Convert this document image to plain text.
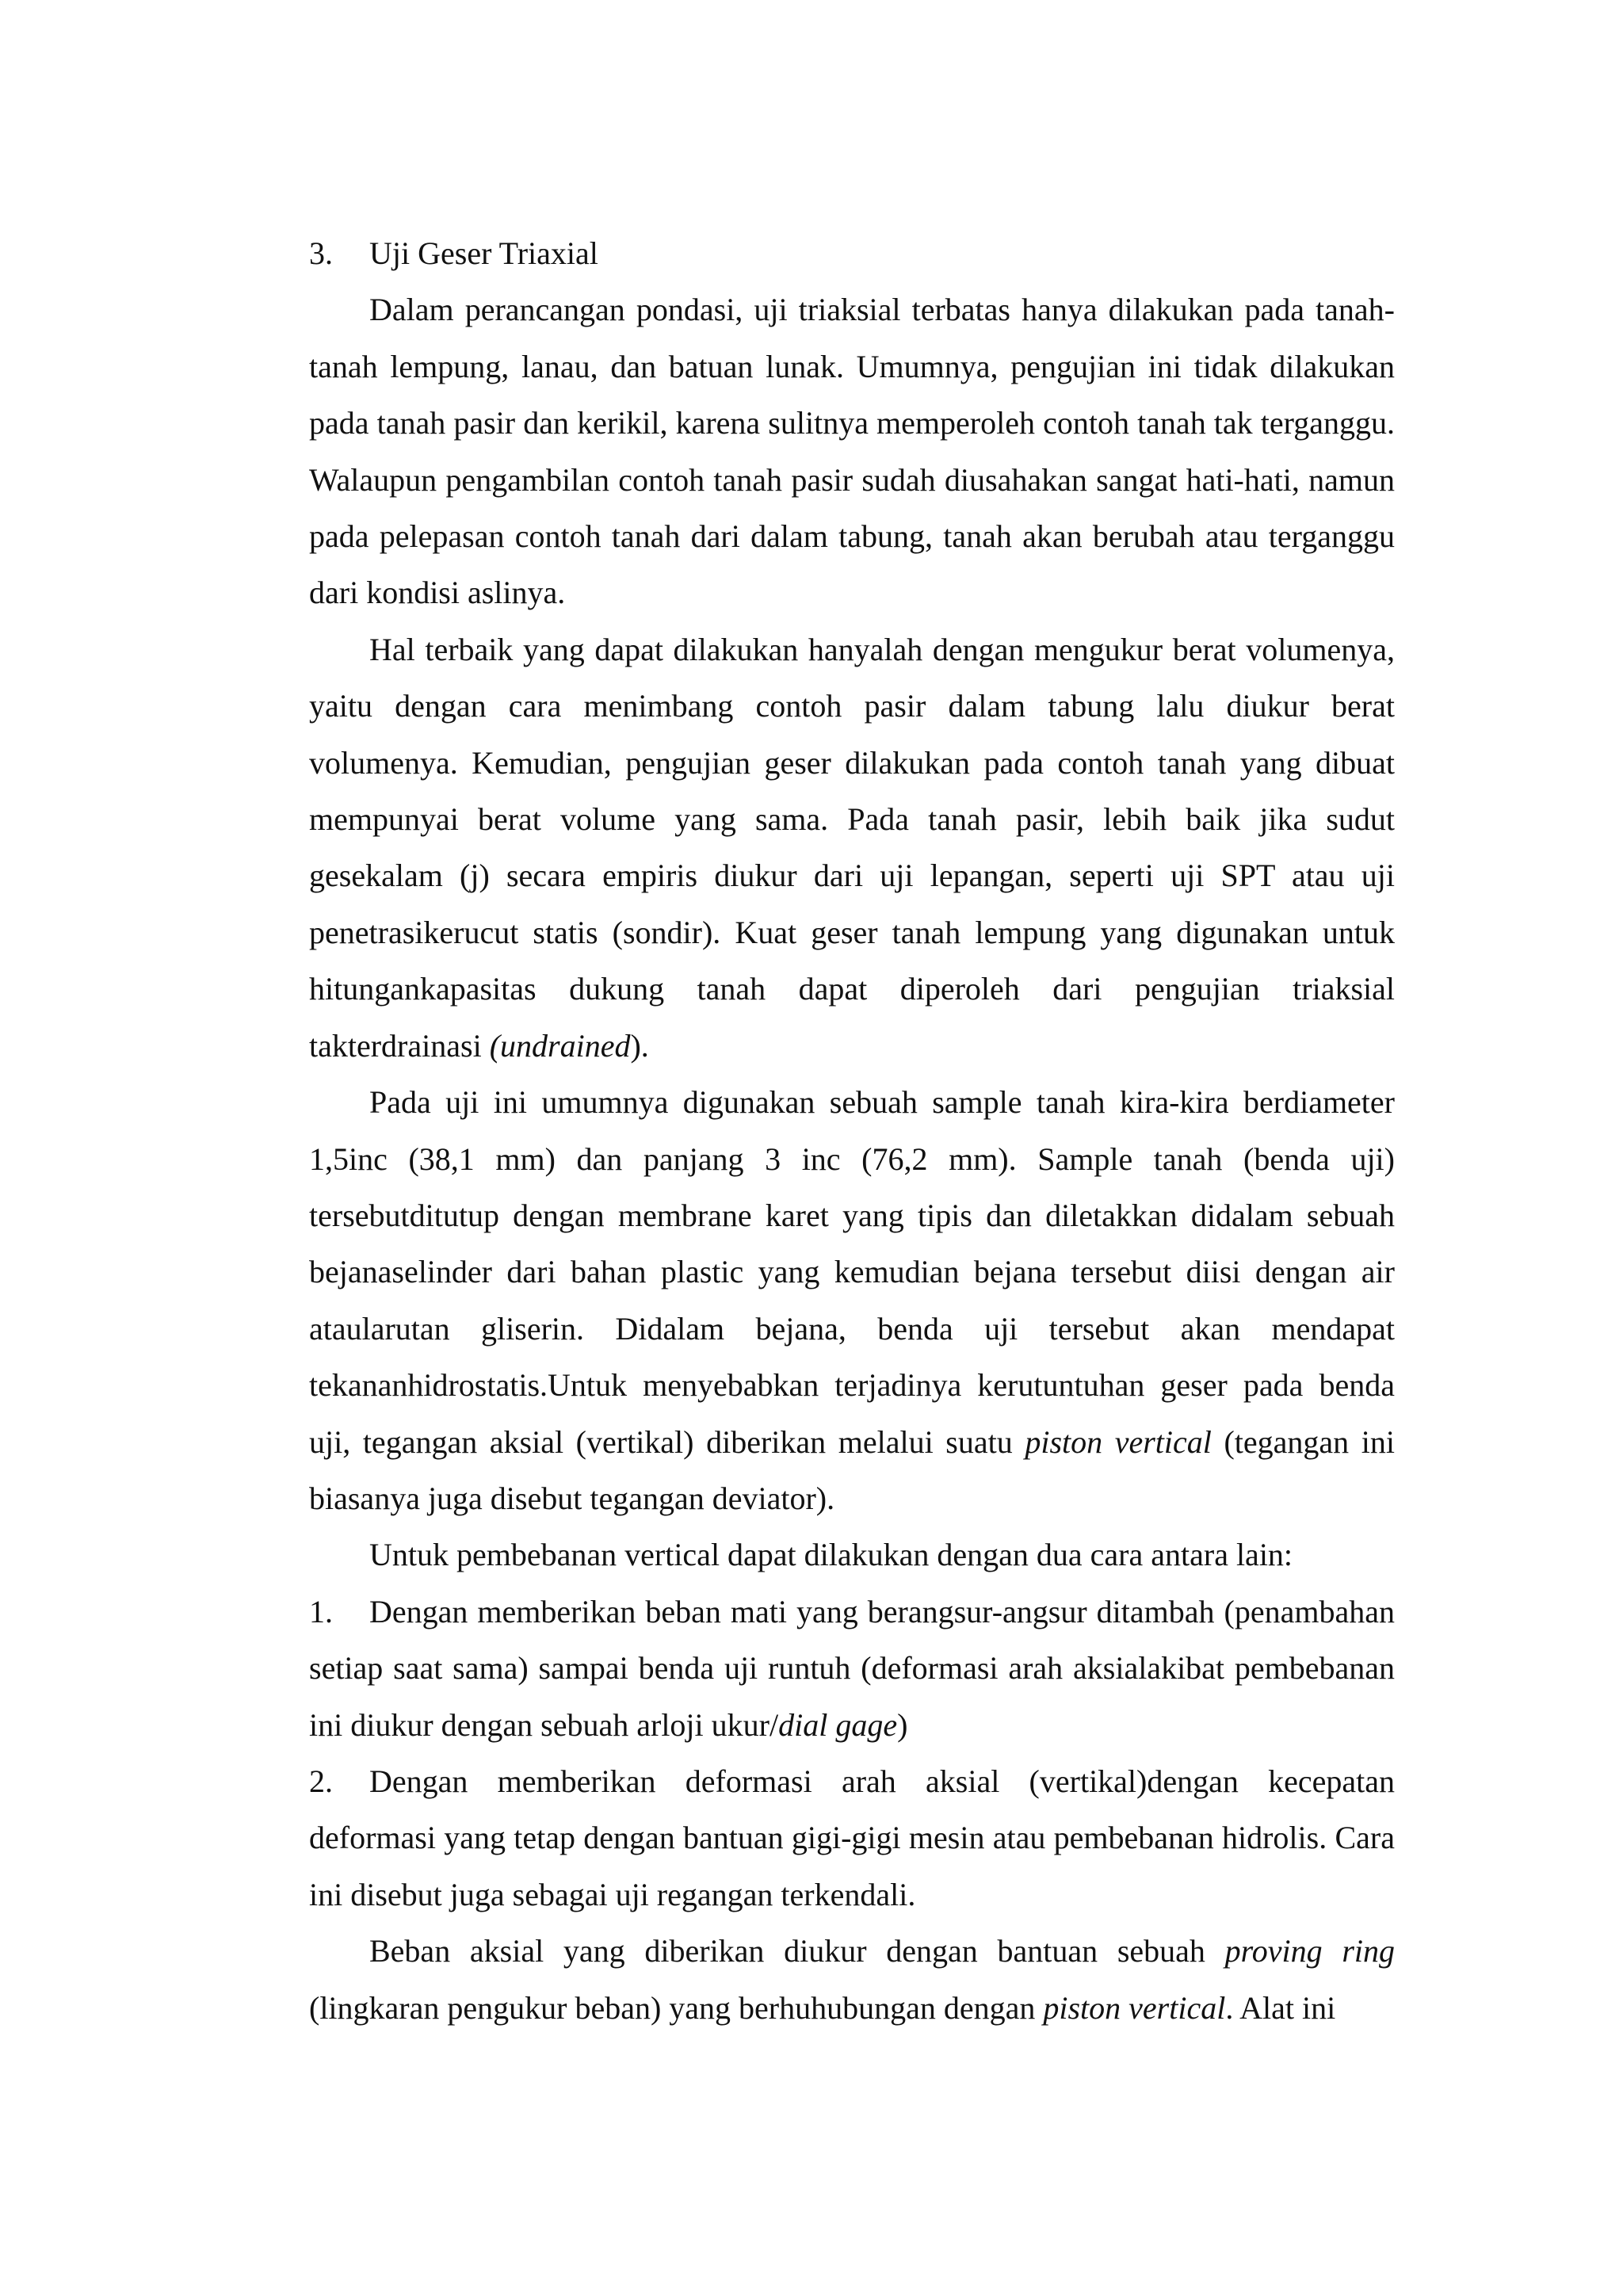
3. Uji Geser Triaxial

Dalam perancangan pondasi, uji triaksial terbatas hanya dilakukan pada tanah-tanah lempung, lanau, dan batuan lunak. Umumnya, pengujian ini tidak dilakukan pada tanah pasir dan kerikil, karena sulitnya memperoleh contoh tanah tak terganggu. Walaupun pengambilan contoh tanah pasir sudah diusahakan sangat hati-hati, namun pada pelepasan contoh tanah dari dalam tabung, tanah akan berubah atau terganggu dari kondisi aslinya.

Hal terbaik yang dapat dilakukan hanyalah dengan mengukur berat volumenya, yaitu dengan cara menimbang contoh pasir dalam tabung lalu diukur berat volumenya. Kemudian, pengujian geser dilakukan pada contoh tanah yang dibuat mempunyai berat volume yang sama. Pada tanah pasir, lebih baik jika sudut gesekalam (j) secara empiris diukur dari uji lepangan, seperti uji SPT atau uji penetrasikerucut statis (sondir). Kuat geser tanah lempung yang digunakan untuk hitungankapasitas dukung tanah dapat diperoleh dari pengujian triaksial takterdrainasi (undrained).

Pada uji ini umumnya digunakan sebuah sample tanah kira-kira berdiameter 1,5inc (38,1 mm) dan panjang 3 inc (76,2 mm). Sample tanah (benda uji) tersebutditutup dengan membrane karet yang tipis dan diletakkan didalam sebuah bejanaselinder dari bahan plastic yang kemudian bejana tersebut diisi dengan air ataularutan gliserin. Didalam bejana, benda uji tersebut akan mendapat tekananhidrostatis.Untuk menyebabkan terjadinya kerutuntuhan geser pada benda uji, tegangan aksial (vertikal) diberikan melalui suatu piston vertical (tegangan ini biasanya juga disebut tegangan deviator).

Untuk pembebanan vertical dapat dilakukan dengan dua cara antara lain:

1. Dengan memberikan beban mati yang berangsur-angsur ditambah (penambahan setiap saat sama) sampai benda uji runtuh (deformasi arah aksialakibat pembebanan ini diukur dengan sebuah arloji ukur/dial gage)

2. Dengan memberikan deformasi arah aksial (vertikal)dengan kecepatan deformasi yang tetap dengan bantuan gigi-gigi mesin atau pembebanan hidrolis. Cara ini disebut juga sebagai uji regangan terkendali.

Beban aksial yang diberikan diukur dengan bantuan sebuah proving ring (lingkaran pengukur beban) yang berhuhubungan dengan piston vertical. Alat ini
